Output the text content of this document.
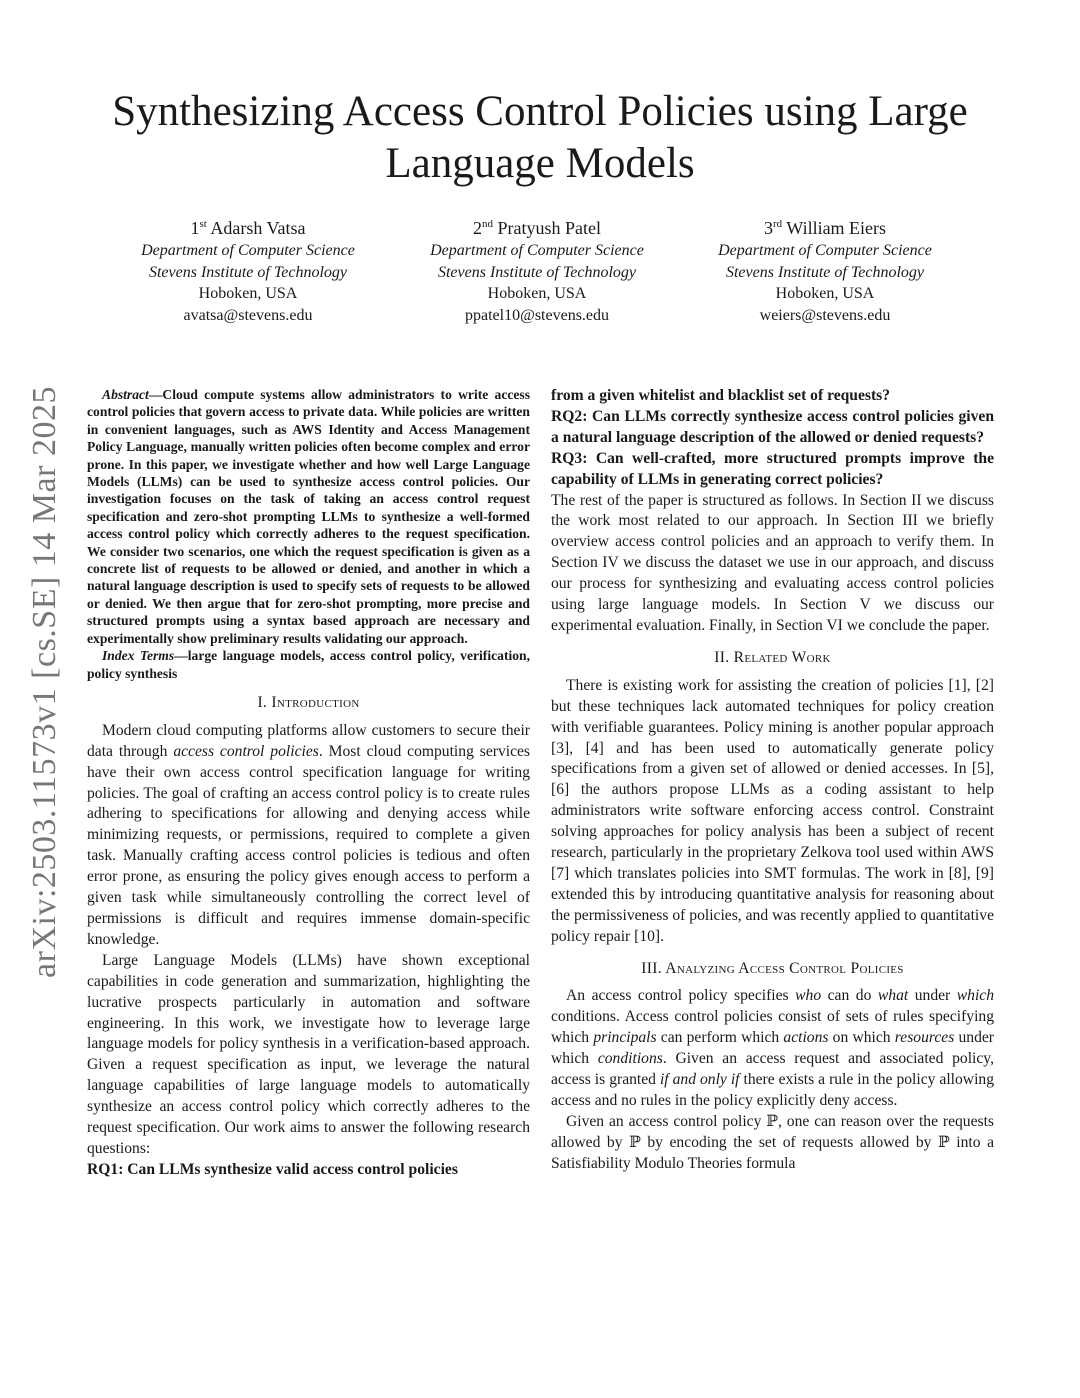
arXiv:2503.11573v1 [cs.SE] 14 Mar 2025
Synthesizing Access Control Policies using Large Language Models
1st Adarsh Vatsa
Department of Computer Science
Stevens Institute of Technology
Hoboken, USA
avatsa@stevens.edu
2nd Pratyush Patel
Department of Computer Science
Stevens Institute of Technology
Hoboken, USA
ppatel10@stevens.edu
3rd William Eiers
Department of Computer Science
Stevens Institute of Technology
Hoboken, USA
weiers@stevens.edu

Abstract—Cloud compute systems allow administrators to write access control policies that govern access to private data. While policies are written in convenient languages, such as AWS Identity and Access Management Policy Language, manually written policies often become complex and error prone. In this paper, we investigate whether and how well Large Language Models (LLMs) can be used to synthesize access control policies. Our investigation focuses on the task of taking an access control request specification and zero-shot prompting LLMs to synthesize a well-formed access control policy which correctly adheres to the request specification. We consider two scenarios, one which the request specification is given as a concrete list of requests to be allowed or denied, and another in which a natural language description is used to specify sets of requests to be allowed or denied. We then argue that for zero-shot prompting, more precise and structured prompts using a syntax based approach are necessary and experimentally show preliminary results validating our approach.

Index Terms—large language models, access control policy, verification, policy synthesis

I. Introduction

Modern cloud computing platforms allow customers to secure their data through access control policies. Most cloud computing services have their own access control specification language for writing policies. The goal of crafting an access control policy is to create rules adhering to specifications for allowing and denying access while minimizing requests, or permissions, required to complete a given task. Manually crafting access control policies is tedious and often error prone, as ensuring the policy gives enough access to perform a given task while simultaneously controlling the correct level of permissions is difficult and requires immense domain-specific knowledge.

Large Language Models (LLMs) have shown exceptional capabilities in code generation and summarization, highlighting the lucrative prospects particularly in automation and software engineering. In this work, we investigate how to leverage large language models for policy synthesis in a verification-based approach. Given a request specification as input, we leverage the natural language capabilities of large language models to automatically synthesize an access control policy which correctly adheres to the request specification. Our work aims to answer the following research questions:

RQ1: Can LLMs synthesize valid access control policies

from a given whitelist and blacklist set of requests?

RQ2: Can LLMs correctly synthesize access control policies given a natural language description of the allowed or denied requests?

RQ3: Can well-crafted, more structured prompts improve the capability of LLMs in generating correct policies?

The rest of the paper is structured as follows. In Section II we discuss the work most related to our approach. In Section III we briefly overview access control policies and an approach to verify them. In Section IV we discuss the dataset we use in our approach, and discuss our process for synthesizing and evaluating access control policies using large language models. In Section V we discuss our experimental evaluation. Finally, in Section VI we conclude the paper.

II. Related Work

There is existing work for assisting the creation of policies [1], [2] but these techniques lack automated techniques for policy creation with verifiable guarantees. Policy mining is another popular approach [3], [4] and has been used to automatically generate policy specifications from a given set of allowed or denied accesses. In [5], [6] the authors propose LLMs as a coding assistant to help administrators write software enforcing access control. Constraint solving approaches for policy analysis has been a subject of recent research, particularly in the proprietary Zelkova tool used within AWS [7] which translates policies into SMT formulas. The work in [8], [9] extended this by introducing quantitative analysis for reasoning about the permissiveness of policies, and was recently applied to quantitative policy repair [10].

III. Analyzing Access Control Policies

An access control policy specifies who can do what under which conditions. Access control policies consist of sets of rules specifying which principals can perform which actions on which resources under which conditions. Given an access request and associated policy, access is granted if and only if there exists a rule in the policy allowing access and no rules in the policy explicitly deny access.

Given an access control policy ℙ, one can reason over the requests allowed by ℙ by encoding the set of requests allowed by ℙ into a Satisfiability Modulo Theories formula
